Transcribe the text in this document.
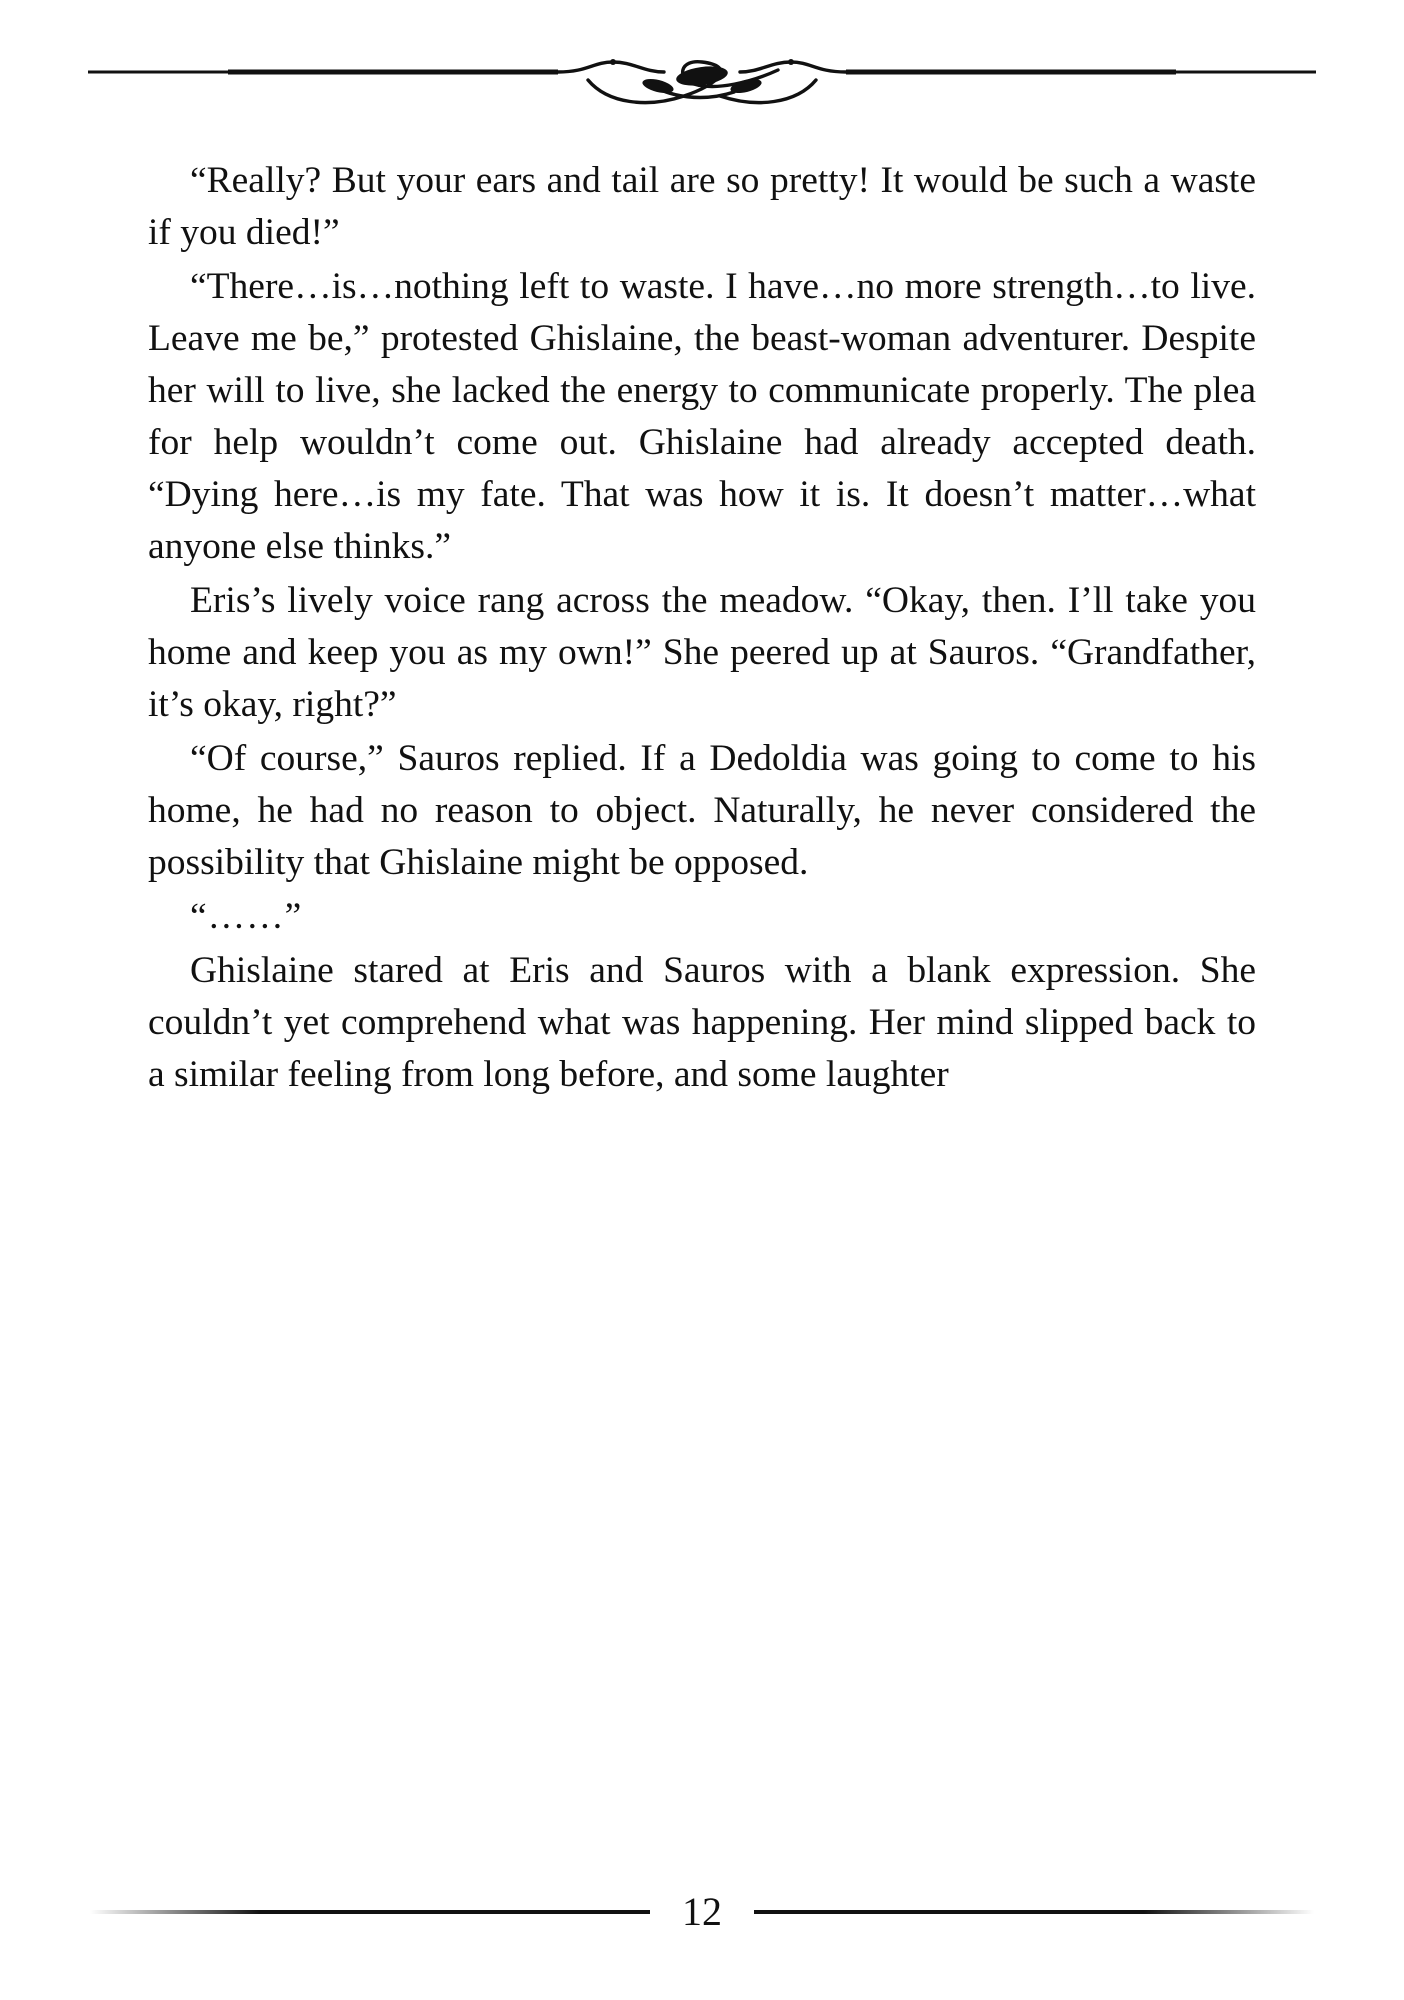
“Really? But your ears and tail are so pretty! It would be such a waste if you died!”

“There…is…nothing left to waste. I have…no more strength…to live. Leave me be,” protested Ghislaine, the beast-woman adventurer. Despite her will to live, she lacked the energy to communicate properly. The plea for help wouldn’t come out. Ghislaine had already accepted death. “Dying here…is my fate. That was how it is. It doesn’t matter…what anyone else thinks.”

Eris’s lively voice rang across the meadow. “Okay, then. I’ll take you home and keep you as my own!” She peered up at Sauros. “Grandfather, it’s okay, right?”

“Of course,” Sauros replied. If a Dedoldia was going to come to his home, he had no reason to object. Naturally, he never considered the possibility that Ghislaine might be opposed.

“……”

Ghislaine stared at Eris and Sauros with a blank expression. She couldn’t yet comprehend what was happening. Her mind slipped back to a similar feeling from long before, and some laughter

12
